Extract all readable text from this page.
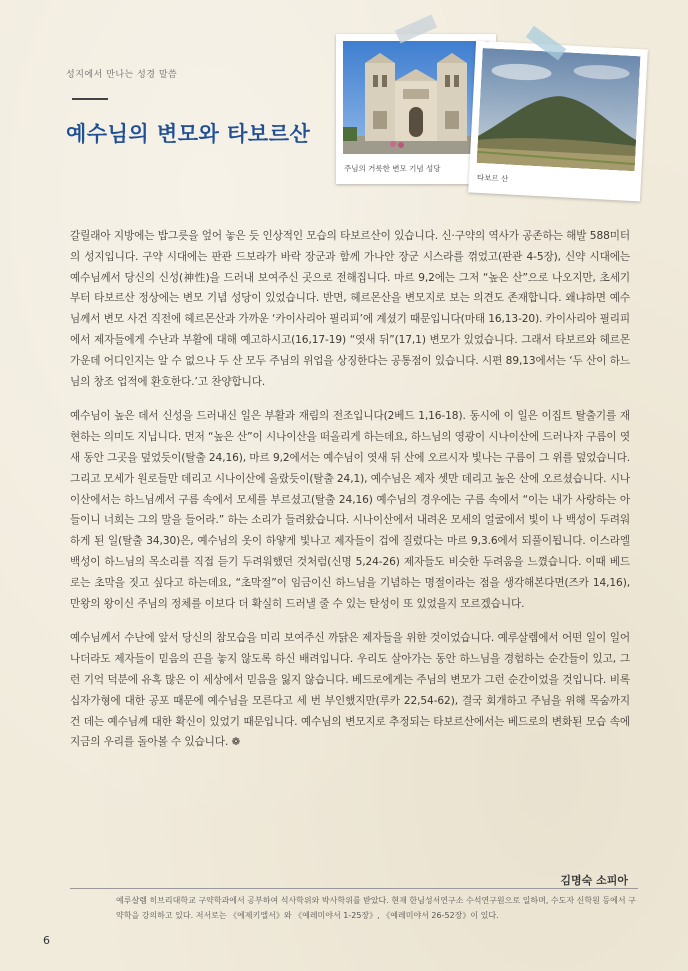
성지에서 만나는 성경 말씀
예수님의 변모와 타보르산
주님의 거룩한 변모 기념 성당
타보르 산

갈릴래아 지방에는 밥그릇을 엎어 놓은 듯 인상적인 모습의 타보르산이 있습니다. 신·구약의 역사가 공존하는 해발 588미터의 성지입니다. 구약 시대에는 판관 드보라가 바락 장군과 함께 가나안 장군 시스라를 꺾었고(판관 4-5장), 신약 시대에는 예수님께서 당신의 신성(神性)을 드러내 보여주신 곳으로 전해집니다. 마르 9,2에는 그저 “높은 산”으로 나오지만, 초세기부터 타보르산 정상에는 변모 기념 성당이 있었습니다. 반면, 헤르몬산을 변모지로 보는 의견도 존재합니다. 왜냐하면 예수님께서 변모 사건 직전에 헤르몬산과 가까운 ‘카이사리아 필리피’에 계셨기 때문입니다(마태 16,13-20). 카이사리아 필리피에서 제자들에게 수난과 부활에 대해 예고하시고(16,17-19) “엿새 뒤”(17,1) 변모가 있었습니다. 그래서 타보르와 헤르몬 가운데 어디인지는 알 수 없으나 두 산 모두 주님의 위업을 상징한다는 공통점이 있습니다. 시편 89,13에서는 ‘두 산이 하느님의 창조 업적에 환호한다.’고 찬양합니다.

예수님이 높은 데서 신성을 드러내신 일은 부활과 재림의 전조입니다(2베드 1,16-18). 동시에 이 일은 이집트 탈출기를 재현하는 의미도 지닙니다. 먼저 “높은 산”이 시나이산을 떠올리게 하는데요, 하느님의 영광이 시나이산에 드러나자 구름이 엿새 동안 그곳을 덮었듯이(탈출 24,16), 마르 9,2에서는 예수님이 엿새 뒤 산에 오르시자 빛나는 구름이 그 위를 덮었습니다. 그리고 모세가 원로들만 데리고 시나이산에 올랐듯이(탈출 24,1), 예수님은 제자 셋만 데리고 높은 산에 오르셨습니다. 시나이산에서는 하느님께서 구름 속에서 모세를 부르셨고(탈출 24,16) 예수님의 경우에는 구름 속에서 “이는 내가 사랑하는 아들이니 너희는 그의 말을 들어라.” 하는 소리가 들려왔습니다. 시나이산에서 내려온 모세의 얼굴에서 빛이 나 백성이 두려워하게 된 일(탈출 34,30)은, 예수님의 옷이 하얗게 빛나고 제자들이 겁에 질렸다는 마르 9,3.6에서 되풀이됩니다. 이스라엘 백성이 하느님의 목소리를 직접 듣기 두려워했던 것처럼(신명 5,24-26) 제자들도 비슷한 두려움을 느꼈습니다. 이때 베드로는 초막을 짓고 싶다고 하는데요, “초막절”이 임금이신 하느님을 기념하는 명절이라는 점을 생각해본다면(즈카 14,16), 만왕의 왕이신 주님의 정체를 이보다 더 확실히 드러낼 줄 수 있는 탄성이 또 있었을지 모르겠습니다.

예수님께서 수난에 앞서 당신의 참모습을 미리 보여주신 까닭은 제자들을 위한 것이었습니다. 예루살렘에서 어떤 일이 일어나더라도 제자들이 믿음의 끈을 놓지 않도록 하신 배려입니다. 우리도 살아가는 동안 하느님을 경험하는 순간들이 있고, 그런 기억 덕분에 유혹 많은 이 세상에서 믿음을 잃지 않습니다. 베드로에게는 주님의 변모가 그런 순간이었을 것입니다. 비록 십자가형에 대한 공포 때문에 예수님을 모른다고 세 번 부인했지만(루카 22,54-62), 결국 회개하고 주님을 위해 목숨까지 건 데는 예수님께 대한 확신이 있었기 때문입니다. 예수님의 변모지로 추정되는 타보르산에서는 베드로의 변화된 모습 속에 지금의 우리를 돌아볼 수 있습니다. ❁

김명숙 소피아
예루살렘 히브리대학교 구약학과에서 공부하여 석사학위와 박사학위를 받았다. 현재 한님성서연구소 수석연구원으로 일하며, 수도자 신학원 등에서 구약학을 강의하고 있다. 저서로는 《에제키엘서》와 《예레미야서 1-25장》, 《예레미야서 26-52장》이 있다.
6
